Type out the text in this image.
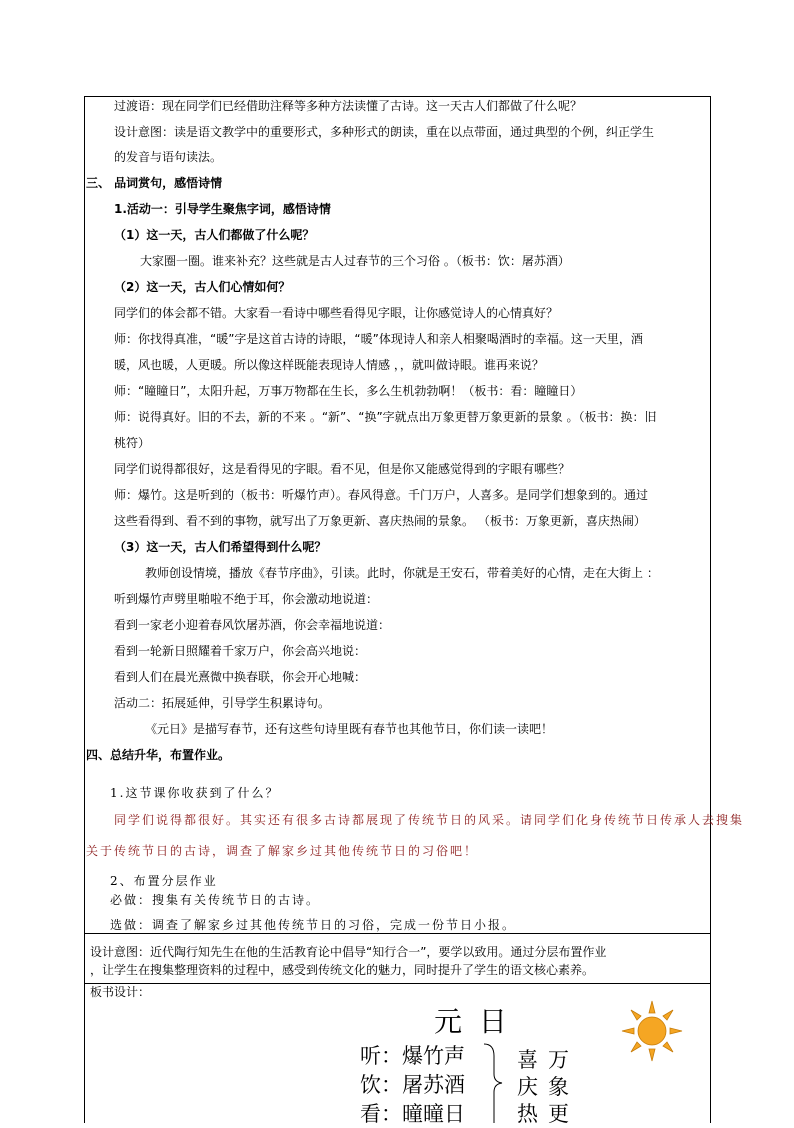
过渡语：现在同学们已经借助注释等多种方法读懂了古诗。这一天古人们都做了什么呢？
设计意图：读是语文教学中的重要形式，多种形式的朗读，重在以点带面，通过典型的个例，纠正学生
的发音与语句读法。
三、 品词赏句，感悟诗情
1.活动一：引导学生聚焦字词，感悟诗情
（1）这一天，古人们都做了什么呢？
大家圈一圈。谁来补充？这些就是古人过春节的三个习俗 。（板书：饮：屠苏酒）
（2）这一天，古人们心情如何？
同学们的体会都不错。大家看一看诗中哪些看得见字眼，让你感觉诗人的心情真好？
师：你找得真准，“暖”字是这首古诗的诗眼，“暖”体现诗人和亲人相聚喝酒时的幸福。这一天里，酒
暖，风也暖，人更暖。所以像这样既能表现诗人情感 ，，就叫做诗眼。谁再来说？
师：“瞳瞳日”，太阳升起，万事万物都在生长，多么生机勃勃啊！（板书：看：瞳瞳日）
师：说得真好。旧的不去，新的不来 。“新”、“换”字就点出万象更替万象更新的景象 。（板书：换：旧
桃符）
同学们说得都很好，这是看得见的字眼。看不见，但是你又能感觉得到的字眼有哪些？
师：爆竹。这是听到的（板书：听爆竹声）。春风得意。千门万户，人喜多。是同学们想象到的。通过
这些看得到、看不到的事物，就写出了万象更新、喜庆热闹的景象。 （板书：万象更新，喜庆热闹）
（3）这一天，古人们希望得到什么呢？
教师创设情境，播放《春节序曲》，引读。此时，你就是王安石，带着美好的心情，走在大街上 ：
听到爆竹声劈里啪啦不绝于耳，你会激动地说道：
看到一家老小迎着春风饮屠苏酒，你会幸福地说道：
看到一轮新日照耀着千家万户，你会高兴地说：
看到人们在晨光熹微中换春联，你会开心地喊：
活动二：拓展延伸，引导学生积累诗句。
《元日》是描写春节，还有这些句诗里既有春节也其他节日，你们读一读吧！
四、总结升华，布置作业。
1.这节课你收获到了什么？
同学们说得都很好。其实还有很多古诗都展现了传统节日的风采。请同学们化身传统节日传承人去搜集
关于传统节日的古诗，调查了解家乡过其他传统节日的习俗吧！
2、布置分层作业
必做：搜集有关传统节日的古诗。
选做：调查了解家乡过其他传统节日的习俗，完成一份节日小报。
设计意图：近代陶行知先生在他的生活教育论中倡导“知行合一”，要学以致用。通过分层布置作业
，让学生在搜集整理资料的过程中，感受到传统文化的魅力，同时提升了学生的语文核心素养。
板书设计：
元 日
听：爆竹声
饮：屠苏酒
看：曈曈日
喜
庆
热
万
象
更
